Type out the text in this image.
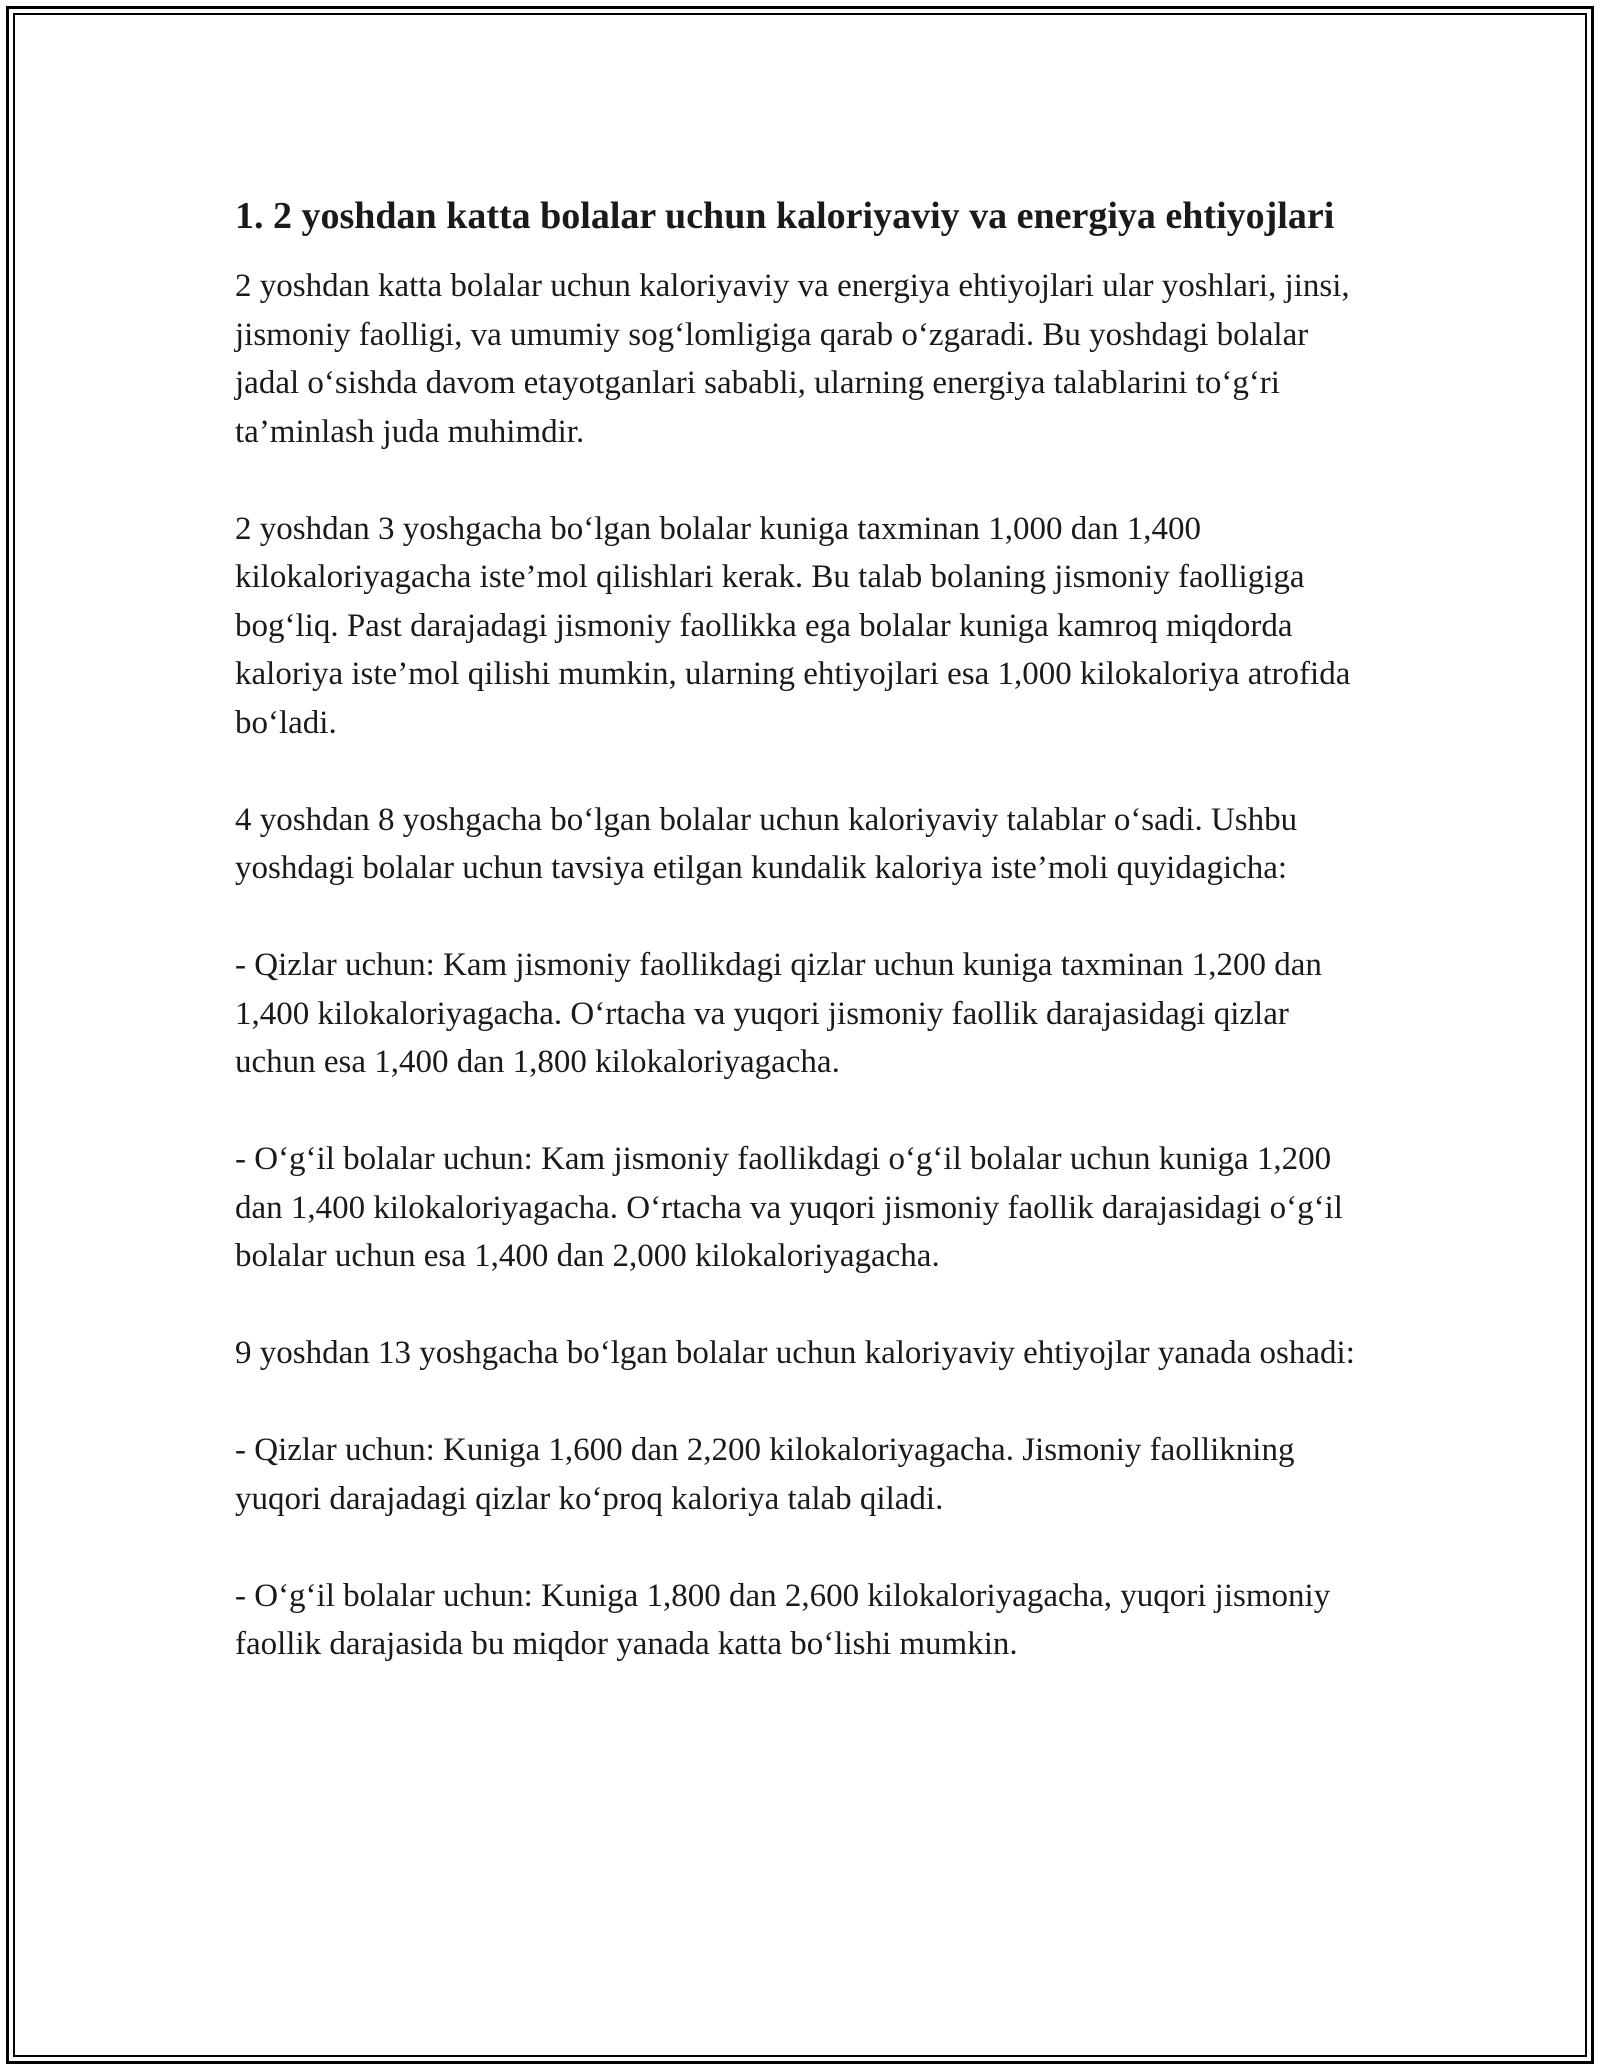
1. 2 yoshdan katta bolalar uchun kaloriyaviy va energiya ehtiyojlari

2 yoshdan katta bolalar uchun kaloriyaviy va energiya ehtiyojlari ular yoshlari, jinsi, jismoniy faolligi, va umumiy sog‘lomligiga qarab o‘zgaradi. Bu yoshdagi bolalar jadal o‘sishda davom etayotganlari sababli, ularning energiya talablarini to‘g‘ri ta’minlash juda muhimdir.

2 yoshdan 3 yoshgacha bo‘lgan bolalar kuniga taxminan 1,000 dan 1,400 kilokaloriyagacha iste’mol qilishlari kerak. Bu talab bolaning jismoniy faolligiga bog‘liq. Past darajadagi jismoniy faollikka ega bolalar kuniga kamroq miqdorda kaloriya iste’mol qilishi mumkin, ularning ehtiyojlari esa 1,000 kilokaloriya atrofida bo‘ladi.

4 yoshdan 8 yoshgacha bo‘lgan bolalar uchun kaloriyaviy talablar o‘sadi. Ushbu yoshdagi bolalar uchun tavsiya etilgan kundalik kaloriya iste’moli quyidagicha:

- Qizlar uchun: Kam jismoniy faollikdagi qizlar uchun kuniga taxminan 1,200 dan 1,400 kilokaloriyagacha. O‘rtacha va yuqori jismoniy faollik darajasidagi qizlar uchun esa 1,400 dan 1,800 kilokaloriyagacha.

- O‘g‘il bolalar uchun: Kam jismoniy faollikdagi o‘g‘il bolalar uchun kuniga 1,200 dan 1,400 kilokaloriyagacha. O‘rtacha va yuqori jismoniy faollik darajasidagi o‘g‘il bolalar uchun esa 1,400 dan 2,000 kilokaloriyagacha.

9 yoshdan 13 yoshgacha bo‘lgan bolalar uchun kaloriyaviy ehtiyojlar yanada oshadi:

- Qizlar uchun: Kuniga 1,600 dan 2,200 kilokaloriyagacha. Jismoniy faollikning yuqori darajadagi qizlar ko‘proq kaloriya talab qiladi.

- O‘g‘il bolalar uchun: Kuniga 1,800 dan 2,600 kilokaloriyagacha, yuqori jismoniy faollik darajasida bu miqdor yanada katta bo‘lishi mumkin.
